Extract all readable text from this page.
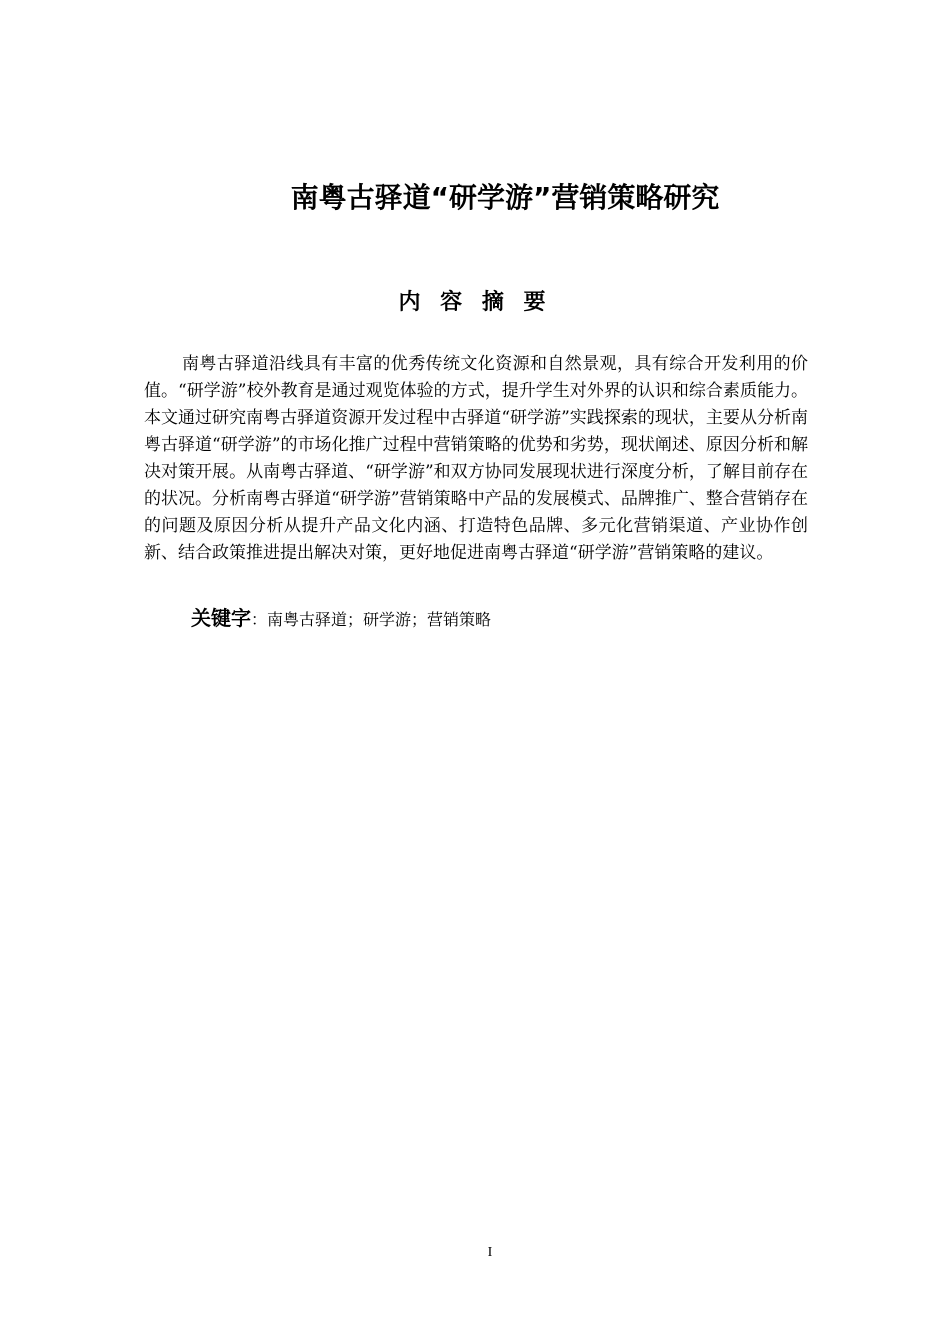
南粤古驿道“研学游”营销策略研究
内 容 摘 要

南粤古驿道沿线具有丰富的优秀传统文化资源和自然景观，具有综合开发利用的价值。“研学游”校外教育是通过观览体验的方式，提升学生对外界的认识和综合素质能力。本文通过研究南粤古驿道资源开发过程中古驿道“研学游”实践探索的现状，主要从分析南粤古驿道“研学游”的市场化推广过程中营销策略的优势和劣势，现状阐述、原因分析和解决对策开展。从南粤古驿道、“研学游”和双方协同发展现状进行深度分析，了解目前存在的状况。分析南粤古驿道“研学游”营销策略中产品的发展模式、品牌推广、整合营销存在的问题及原因分析从提升产品文化内涵、打造特色品牌、多元化营销渠道、产业协作创新、结合政策推进提出解决对策，更好地促进南粤古驿道“研学游”营销策略的建议。

关键字：南粤古驿道；研学游；营销策略
I
